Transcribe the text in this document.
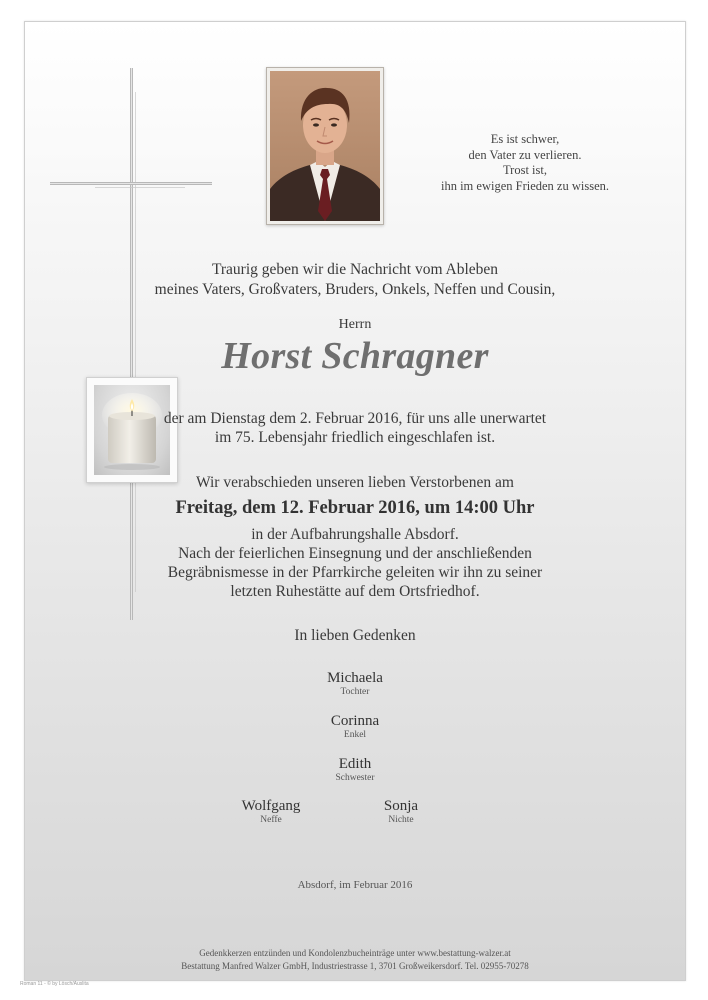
Es ist schwer,
den Vater zu verlieren.
Trost ist,
ihn im ewigen Frieden zu wissen.
Traurig geben wir die Nachricht vom Ableben
meines Vaters, Großvaters, Bruders, Onkels, Neffen und Cousin,
Herrn
Horst Schragner
der am Dienstag dem 2. Februar 2016, für uns alle unerwartet
im 75. Lebensjahr friedlich eingeschlafen ist.
Wir verabschieden unseren lieben Verstorbenen am
Freitag, dem 12. Februar 2016, um 14:00 Uhr
in der Aufbahrungshalle Absdorf.
Nach der feierlichen Einsegnung und der anschließenden
Begräbnismesse in der Pfarrkirche geleiten wir ihn zu seiner
letzten Ruhestätte auf dem Ortsfriedhof.
In lieben Gedenken
Michaela
Tochter
Corinna
Enkel
Edith
Schwester
Wolfgang
Neffe
Sonja
Nichte
Absdorf, im Februar 2016
Gedenkkerzen entzünden und Kondolenzbucheinträge unter www.bestattung-walzer.at
Bestattung Manfred Walzer GmbH, Industriestrasse 1, 3701 Großweikersdorf. Tel. 02955-70278
Roman 11 - © by Lösch/Auslita
